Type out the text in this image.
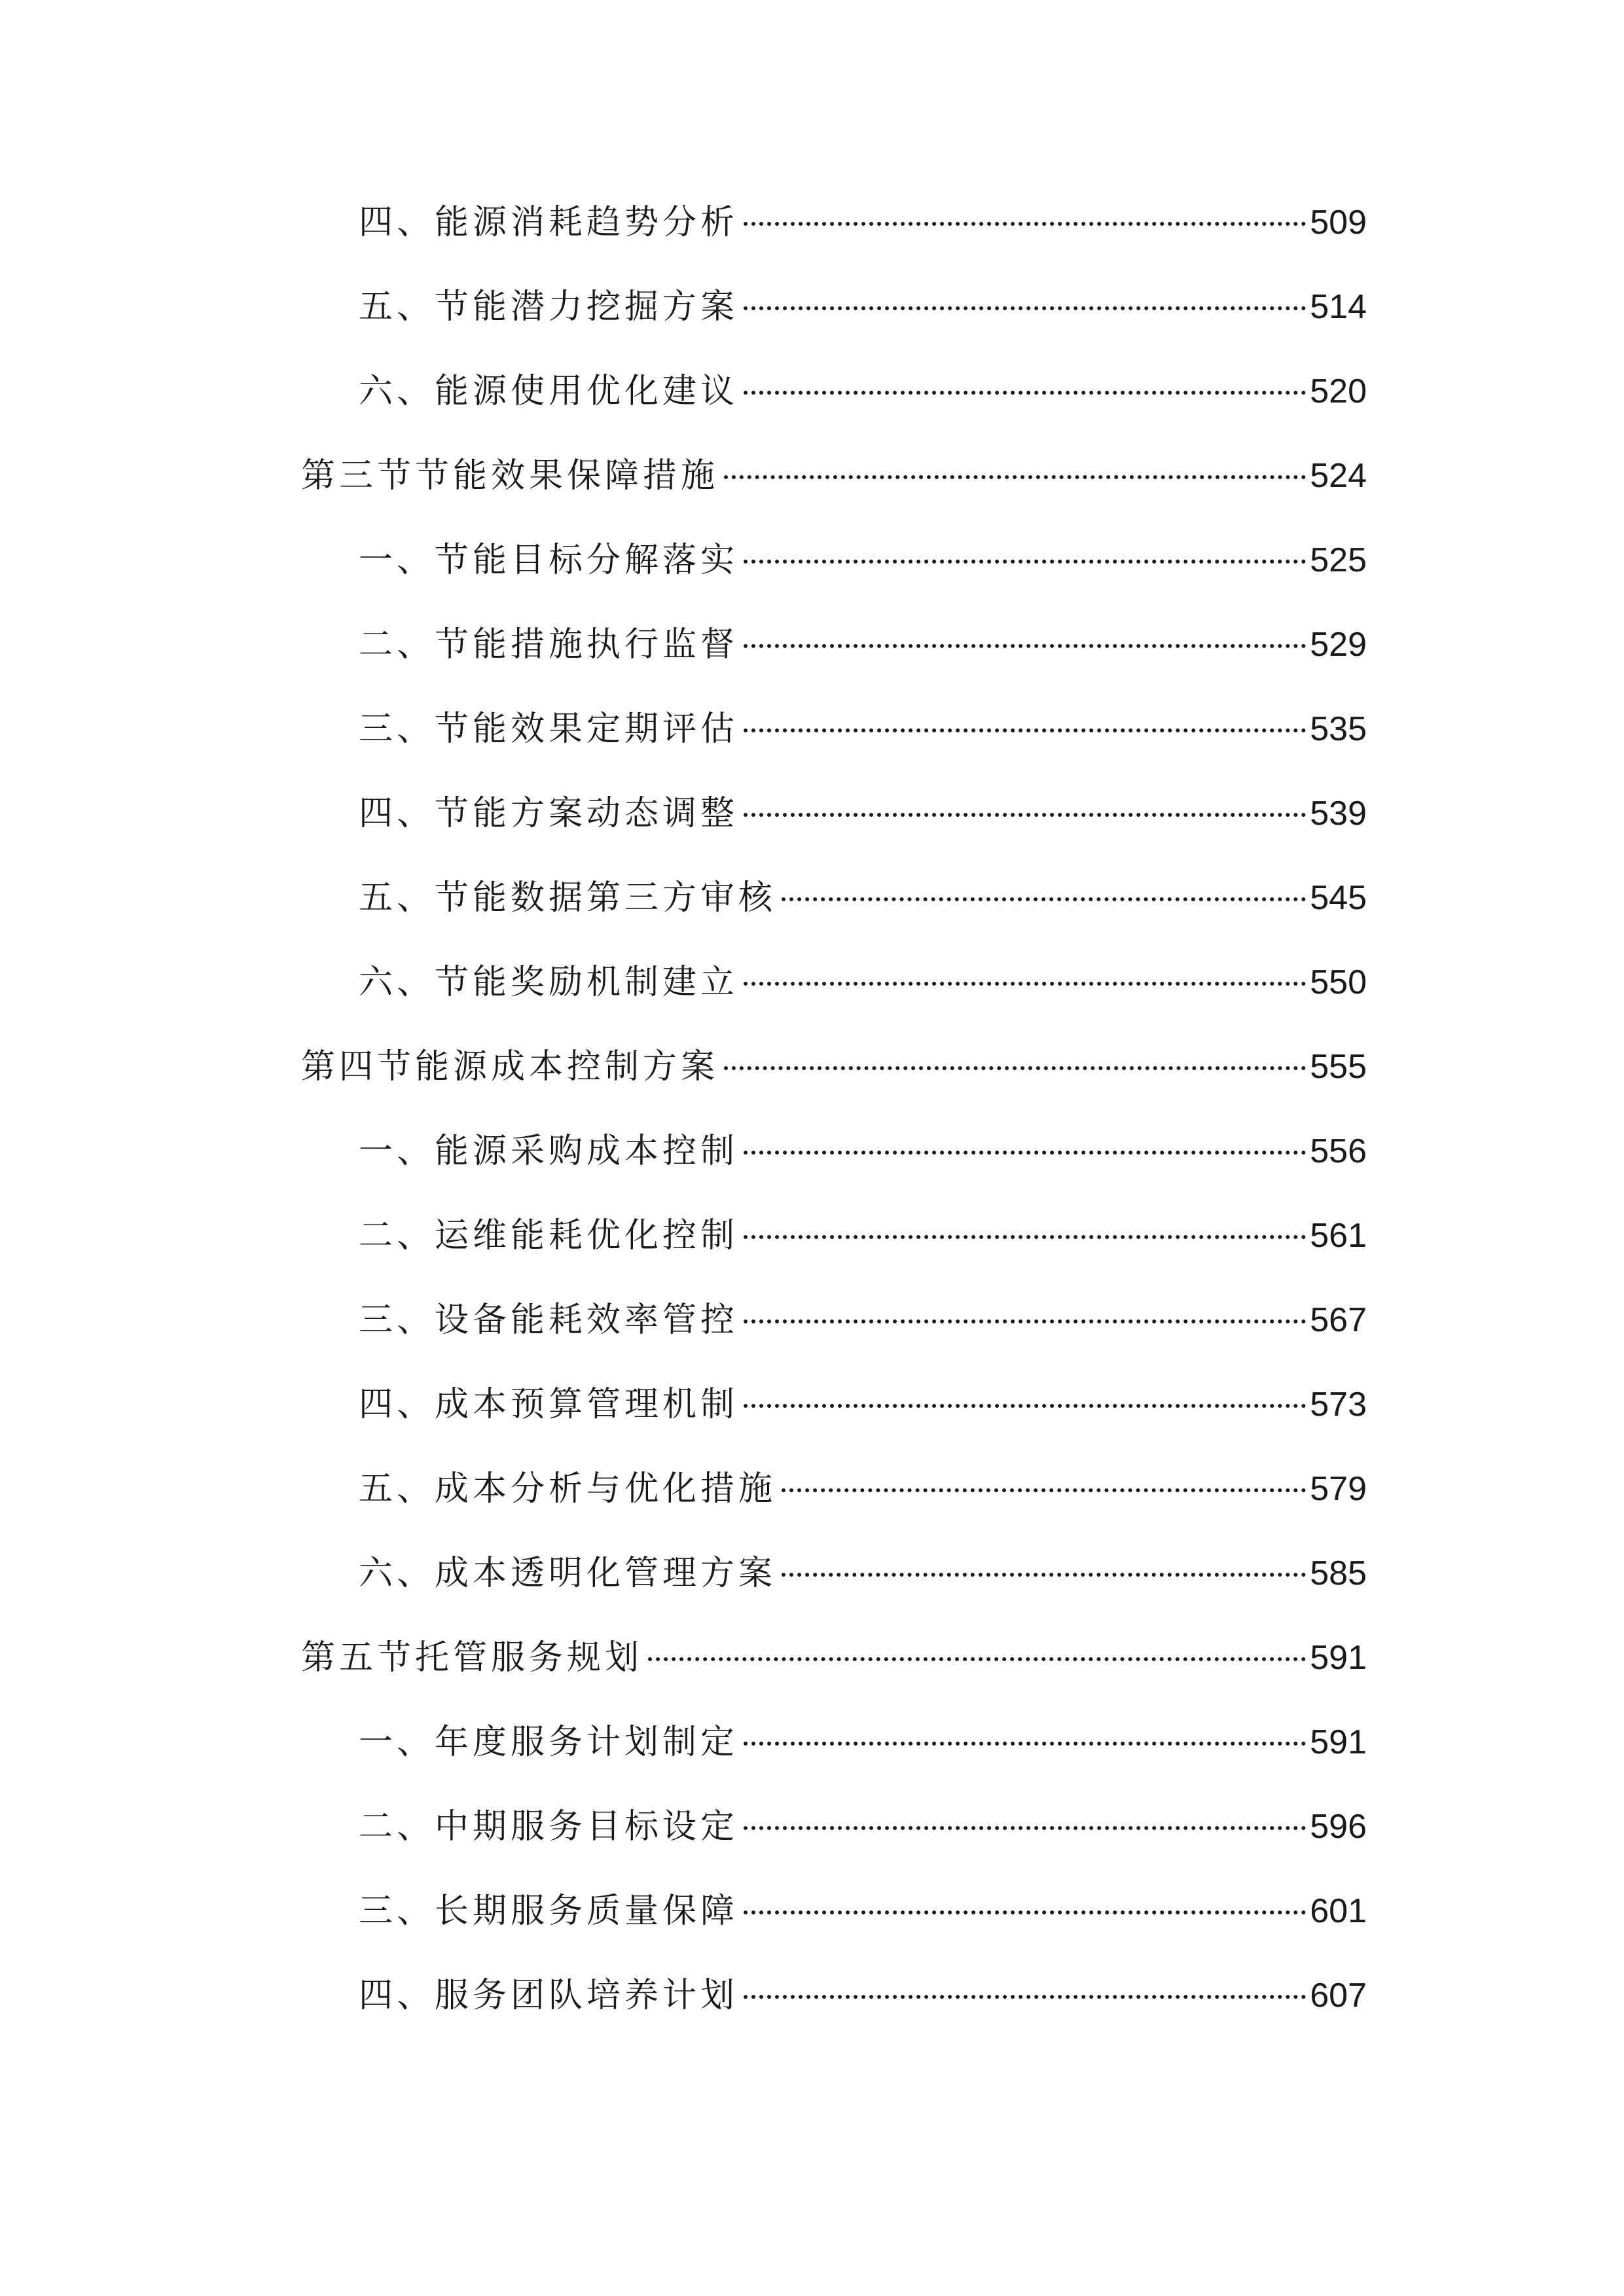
四、能源消耗趋势分析	509
五、节能潜力挖掘方案	514
六、能源使用优化建议	520
第三节节能效果保障措施	524
一、节能目标分解落实	525
二、节能措施执行监督	529
三、节能效果定期评估	535
四、节能方案动态调整	539
五、节能数据第三方审核	545
六、节能奖励机制建立	550
第四节能源成本控制方案	555
一、能源采购成本控制	556
二、运维能耗优化控制	561
三、设备能耗效率管控	567
四、成本预算管理机制	573
五、成本分析与优化措施	579
六、成本透明化管理方案	585
第五节托管服务规划	591
一、年度服务计划制定	591
二、中期服务目标设定	596
三、长期服务质量保障	601
四、服务团队培养计划	607
